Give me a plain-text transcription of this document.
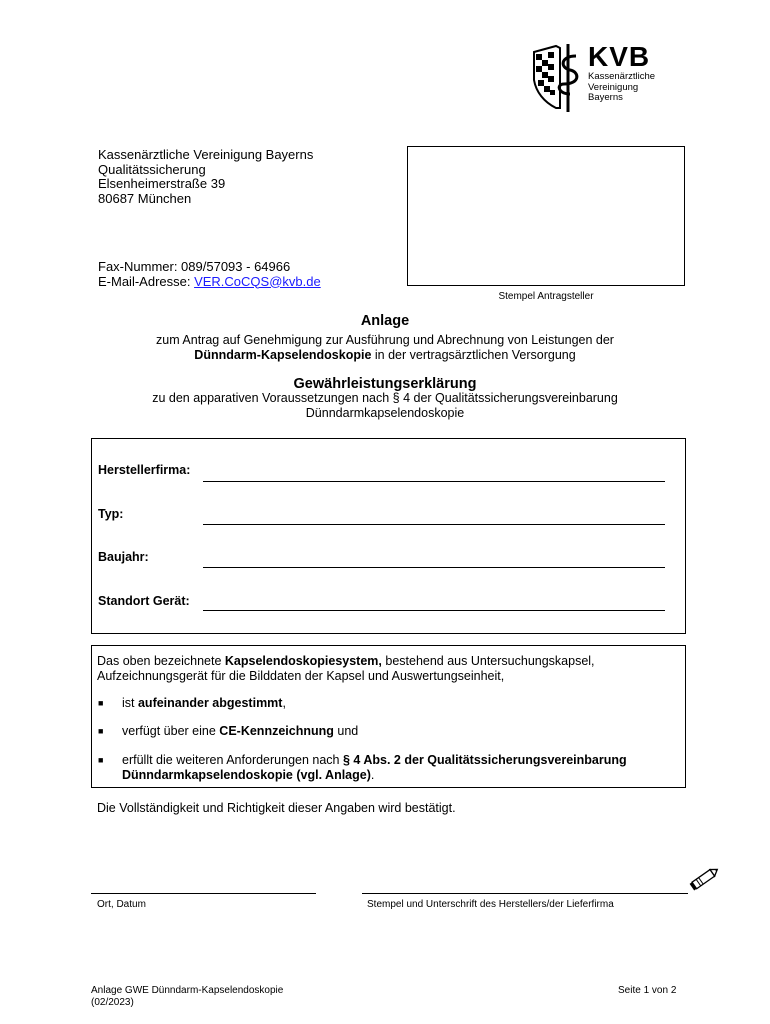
KVB
Kassenärztliche
Vereinigung
Bayerns
Kassenärztliche Vereinigung Bayerns
Qualitätssicherung
Elsenheimerstraße 39
80687 München
Fax-Nummer: 089/57093 - 64966
E-Mail-Adresse: VER.CoCQS@kvb.de
Stempel Antragsteller
Anlage
zum Antrag auf Genehmigung zur Ausführung und Abrechnung von Leistungen der
Dünndarm-Kapselendoskopie in der vertragsärztlichen Versorgung
Gewährleistungserklärung
zu den apparativen Voraussetzungen nach § 4 der Qualitätssicherungsvereinbarung
Dünndarmkapselendoskopie
Herstellerfirma:
Typ:
Baujahr:
Standort Gerät:
Das oben bezeichnete Kapselendoskopiesystem, bestehend aus Untersuchungskapsel,
Aufzeichnungsgerät für die Bilddaten der Kapsel und Auswertungseinheit,
■ ist aufeinander abgestimmt,
■ verfügt über eine CE-Kennzeichnung und
■ erfüllt die weiteren Anforderungen nach § 4 Abs. 2 der Qualitätssicherungsvereinbarung
Dünndarmkapselendoskopie (vgl. Anlage).
Die Vollständigkeit und Richtigkeit dieser Angaben wird bestätigt.
Ort, Datum	Stempel und Unterschrift des Herstellers/der Lieferfirma
Anlage GWE Dünndarm-Kapselendoskopie
(02/2023)
Seite 1 von 2
